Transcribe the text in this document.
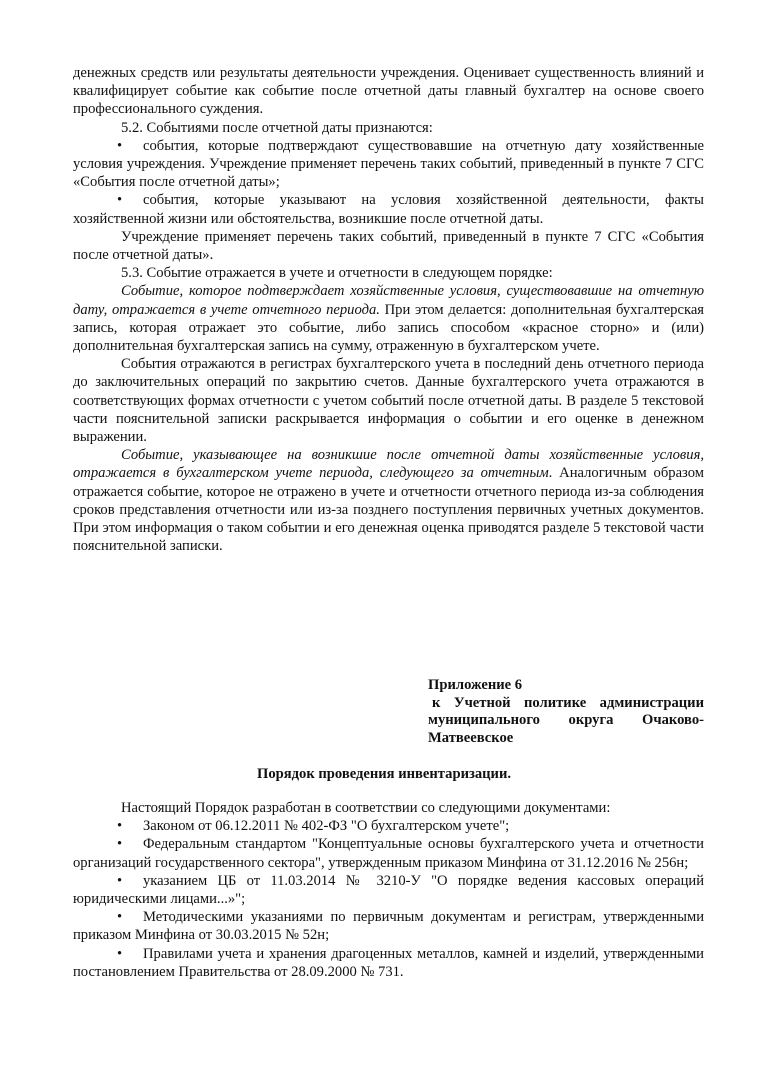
денежных средств или результаты деятельности учреждения. Оценивает существенность влияний и квалифицирует событие как событие после отчетной даты главный бухгалтер на основе своего профессионального суждения.

5.2. Событиями после отчетной даты признаются:

• события, которые подтверждают существовавшие на отчетную дату хозяйственные условия учреждения. Учреждение применяет перечень таких событий, приведенный в пункте 7 СГС «События после отчетной даты»;

• события, которые указывают на условия хозяйственной деятельности, факты хозяйственной жизни или обстоятельства, возникшие после отчетной даты.

Учреждение применяет перечень таких событий, приведенный в пункте 7 СГС «События после отчетной даты».

5.3. Событие отражается в учете и отчетности в следующем порядке:

Событие, которое подтверждает хозяйственные условия, существовавшие на отчетную дату, отражается в учете отчетного периода. При этом делается: дополнительная бухгалтерская запись, которая отражает это событие, либо запись способом «красное сторно» и (или) дополнительная бухгалтерская запись на сумму, отраженную в бухгалтерском учете.

События отражаются в регистрах бухгалтерского учета в последний день отчетного периода до заключительных операций по закрытию счетов. Данные бухгалтерского учета отражаются в соответствующих формах отчетности с учетом событий после отчетной даты. В разделе 5 текстовой части пояснительной записки раскрывается информация о событии и его оценке в денежном выражении.

Событие, указывающее на возникшие после отчетной даты хозяйственные условия, отражается в бухгалтерском учете периода, следующего за отчетным. Аналогичным образом отражается событие, которое не отражено в учете и отчетности отчетного периода из-за соблюдения сроков представления отчетности или из-за позднего поступления первичных учетных документов. При этом информация о таком событии и его денежная оценка приводятся разделе 5 текстовой части пояснительной записки.

Приложение 6
к Учетной политике администрации муниципального округа Очаково-Матвеевское
Порядок проведения инвентаризации.

Настоящий Порядок разработан в соответствии со следующими документами:

• Законом от 06.12.2011 № 402-ФЗ "О бухгалтерском учете";

• Федеральным стандартом "Концептуальные основы бухгалтерского учета и отчетности организаций государственного сектора", утвержденным приказом Минфина от 31.12.2016 № 256н;

• указанием ЦБ от 11.03.2014 № 3210-У "О порядке ведения кассовых операций юридическими лицами...»";

• Методическими указаниями по первичным документам и регистрам, утвержденными приказом Минфина от 30.03.2015 № 52н;

• Правилами учета и хранения драгоценных металлов, камней и изделий, утвержденными постановлением Правительства от 28.09.2000 № 731.
